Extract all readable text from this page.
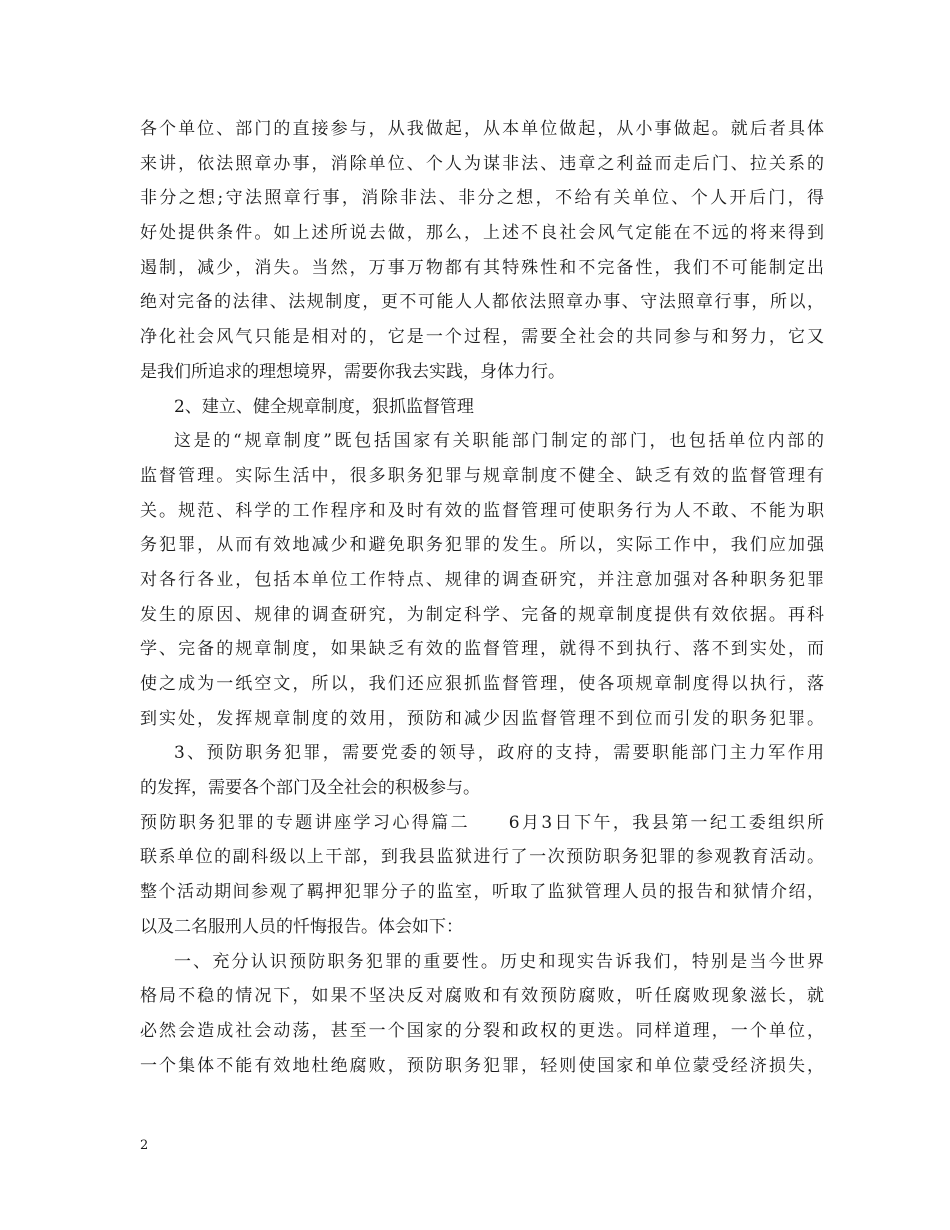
各个单位、部门的直接参与，从我做起，从本单位做起，从小事做起。就后者具体
来讲，依法照章办事，消除单位、个人为谋非法、违章之利益而走后门、拉关系的
非分之想;守法照章行事，消除非法、非分之想，不给有关单位、个人开后门，得
好处提供条件。如上述所说去做，那么，上述不良社会风气定能在不远的将来得到
遏制，减少，消失。当然，万事万物都有其特殊性和不完备性，我们不可能制定出
绝对完备的法律、法规制度，更不可能人人都依法照章办事、守法照章行事，所以，
净化社会风气只能是相对的，它是一个过程，需要全社会的共同参与和努力，它又
是我们所追求的理想境界，需要你我去实践，身体力行。
2、建立、健全规章制度，狠抓监督管理
这是的“规章制度”既包括国家有关职能部门制定的部门，也包括单位内部的
监督管理。实际生活中，很多职务犯罪与规章制度不健全、缺乏有效的监督管理有
关。规范、科学的工作程序和及时有效的监督管理可使职务行为人不敢、不能为职
务犯罪，从而有效地减少和避免职务犯罪的发生。所以，实际工作中，我们应加强
对各行各业，包括本单位工作特点、规律的调查研究，并注意加强对各种职务犯罪
发生的原因、规律的调查研究，为制定科学、完备的规章制度提供有效依据。再科
学、完备的规章制度，如果缺乏有效的监督管理，就得不到执行、落不到实处，而
使之成为一纸空文，所以，我们还应狠抓监督管理，使各项规章制度得以执行，落
到实处，发挥规章制度的效用，预防和减少因监督管理不到位而引发的职务犯罪。
3、预防职务犯罪，需要党委的领导，政府的支持，需要职能部门主力军作用
的发挥，需要各个部门及全社会的积极参与。
预防职务犯罪的专题讲座学习心得篇二　　6月3日下午，我县第一纪工委组织所
联系单位的副科级以上干部，到我县监狱进行了一次预防职务犯罪的参观教育活动。
整个活动期间参观了羁押犯罪分子的监室，听取了监狱管理人员的报告和狱情介绍，
以及二名服刑人员的忏悔报告。体会如下：
一、充分认识预防职务犯罪的重要性。历史和现实告诉我们，特别是当今世界
格局不稳的情况下，如果不坚决反对腐败和有效预防腐败，听任腐败现象滋长，就
必然会造成社会动荡，甚至一个国家的分裂和政权的更迭。同样道理，一个单位，
一个集体不能有效地杜绝腐败，预防职务犯罪，轻则使国家和单位蒙受经济损失，
2
